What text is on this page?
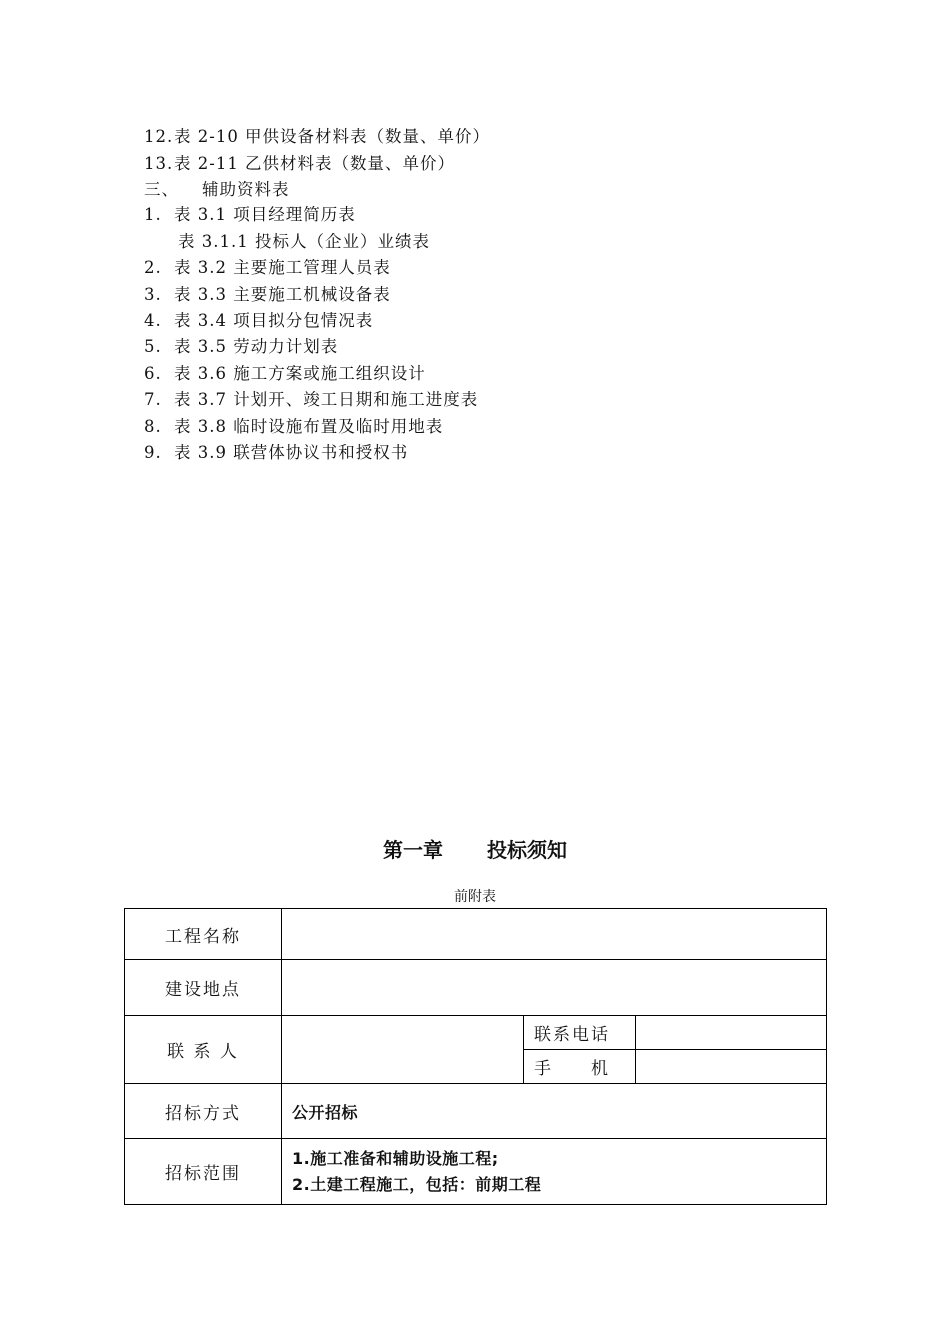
12.表 2-10 甲供设备材料表（数量、单价）
13.表 2-11 乙供材料表（数量、单价）
三、 辅助资料表
1. 表 3.1 项目经理简历表
表 3.1.1 投标人（企业）业绩表
2. 表 3.2 主要施工管理人员表
3. 表 3.3 主要施工机械设备表
4. 表 3.4 项目拟分包情况表
5. 表 3.5 劳动力计划表
6. 表 3.6 施工方案或施工组织设计
7. 表 3.7 计划开、竣工日期和施工进度表
8. 表 3.8 临时设施布置及临时用地表
9. 表 3.9 联营体协议书和授权书
第一章 投标须知
前附表
工程名称			
建设地点			
联 系 人		联系电话	
		手　　机	
招标方式	公开招标		
招标范围	1.施工准备和辅助设施工程;
2.土建工程施工，包括：前期工程		
